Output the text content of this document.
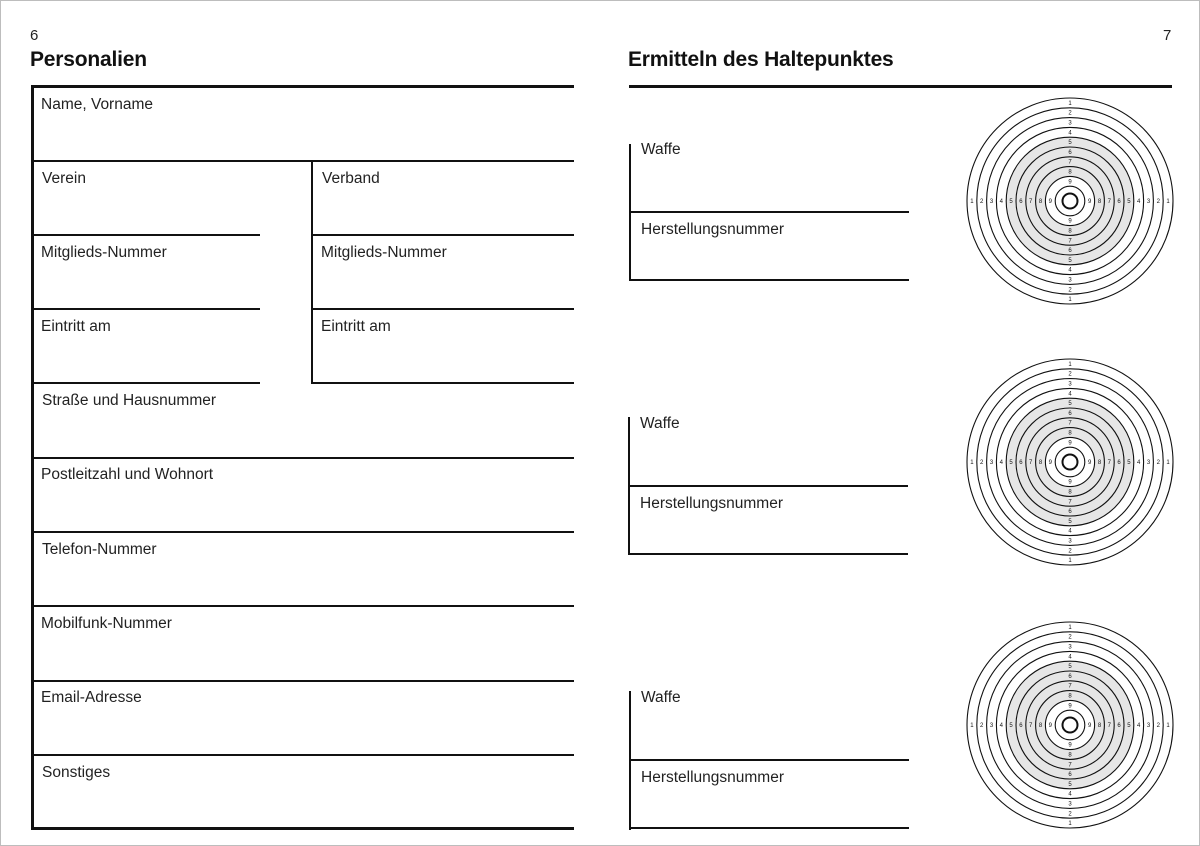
6
Personalien
Name, Vorname
Verein	Verband
Mitglieds-Nummer	Mitglieds-Nummer
Eintritt am	Eintritt am
Straße und Hausnummer
Postleitzahl und Wohnort
Telefon-Nummer
Mobilfunk-Nummer
Email-Adresse
Sonstiges
7
Ermitteln des Haltepunktes
Waffe
Herstellungsnummer
Waffe
Herstellungsnummer
Waffe
Herstellungsnummer
1
1
1	1
2
2
2	2
3
3
3	3
4
4
4	4
5
5
5	5
6
6
6	6
7
7
7	7
8
8
8	8
9
9
9	9
1
1
1	1
2
2
2	2
3
3
3	3
4
4
4	4
5
5
5	5
6
6
6	6
7
7
7	7
8
8
8	8
9
9
9	9
1
1
1	1
2
2
2	2
3
3
3	3
4
4
4	4
5
5
5	5
6
6
6	6
7
7
7	7
8
8
8	8
9
9
9	9
